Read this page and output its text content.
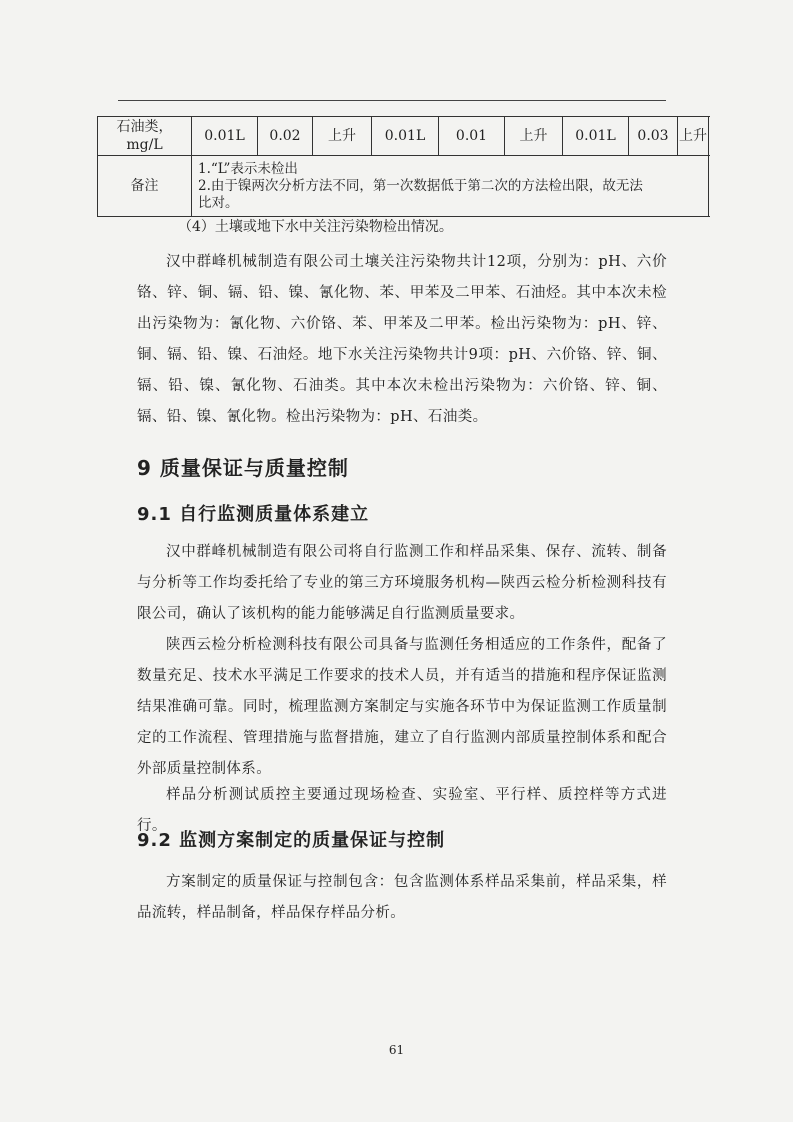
石油类，
mg/L	0.01L	0.02	上升	0.01L	0.01	上升	0.01L	0.03	上升
备注	1.“L”表示未检出
2.由于镍两次分析方法不同，第一次数据低于第二次的方法检出限，故无法
比对。								

（4）土壤或地下水中关注污染物检出情况。

汉中群峰机械制造有限公司土壤关注污染物共计12项，分别为：pH、六价铬、锌、铜、镉、铅、镍、氰化物、苯、甲苯及二甲苯、石油烃。其中本次未检出污染物为：氰化物、六价铬、苯、甲苯及二甲苯。检出污染物为：pH、锌、铜、镉、铅、镍、石油烃。地下水关注污染物共计9项：pH、六价铬、锌、铜、镉、铅、镍、氰化物、石油类。其中本次未检出污染物为：六价铬、锌、铜、镉、铅、镍、氰化物。检出污染物为：pH、石油类。

9 质量保证与质量控制
9.1 自行监测质量体系建立

汉中群峰机械制造有限公司将自行监测工作和样品采集、保存、流转、制备与分析等工作均委托给了专业的第三方环境服务机构—陕西云检分析检测科技有限公司，确认了该机构的能力能够满足自行监测质量要求。

陕西云检分析检测科技有限公司具备与监测任务相适应的工作条件，配备了数量充足、技术水平满足工作要求的技术人员，并有适当的措施和程序保证监测结果准确可靠。同时，梳理监测方案制定与实施各环节中为保证监测工作质量制定的工作流程、管理措施与监督措施，建立了自行监测内部质量控制体系和配合外部质量控制体系。

样品分析测试质控主要通过现场检查、实验室、平行样、质控样等方式进行。

9.2 监测方案制定的质量保证与控制

方案制定的质量保证与控制包含：包含监测体系样品采集前，样品采集，样品流转，样品制备，样品保存样品分析。

61
